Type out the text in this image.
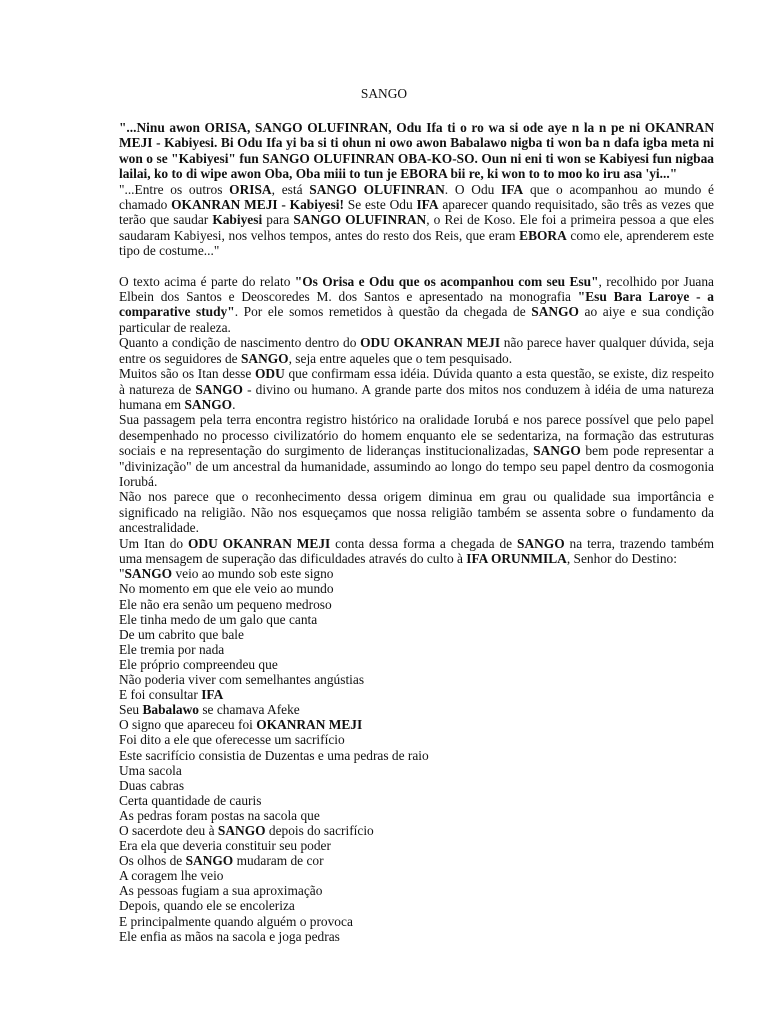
SANGO

"...Ninu awon ORISA, SANGO OLUFINRAN, Odu Ifa ti o ro wa si ode aye n la n pe ni OKANRAN MEJI - Kabiyesi. Bi Odu Ifa yi ba si ti ohun ni owo awon Babalawo nigba ti won ba n dafa igba meta ni won o se "Kabiyesi" fun SANGO OLUFINRAN OBA-KO-SO. Oun ni eni ti won se Kabiyesi fun nigbaa lailai, ko to di wipe awon Oba, Oba miii to tun je EBORA bii re, ki won to to moo ko iru asa 'yi..."

"...Entre os outros ORISA, está SANGO OLUFINRAN. O Odu IFA que o acompanhou ao mundo é chamado OKANRAN MEJI - Kabiyesi! Se este Odu IFA aparecer quando requisitado, são três as vezes que terão que saudar Kabiyesi para SANGO OLUFINRAN, o Rei de Koso. Ele foi a primeira pessoa a que eles saudaram Kabiyesi, nos velhos tempos, antes do resto dos Reis, que eram EBORA como ele, aprenderem este tipo de costume..."

O texto acima é parte do relato "Os Orisa e Odu que os acompanhou com seu Esu", recolhido por Juana Elbein dos Santos e Deoscoredes M. dos Santos e apresentado na monografia "Esu Bara Laroye - a comparative study". Por ele somos remetidos à questão da chegada de SANGO ao aiye e sua condição particular de realeza.

Quanto a condição de nascimento dentro do ODU OKANRAN MEJI não parece haver qualquer dúvida, seja entre os seguidores de SANGO, seja entre aqueles que o tem pesquisado.

Muitos são os Itan desse ODU que confirmam essa idéia. Dúvida quanto a esta questão, se existe, diz respeito à natureza de SANGO - divino ou humano. A grande parte dos mitos nos conduzem à idéia de uma natureza humana em SANGO.

Sua passagem pela terra encontra registro histórico na oralidade Iorubá e nos parece possível que pelo papel desempenhado no processo civilizatório do homem enquanto ele se sedentariza, na formação das estruturas sociais e na representação do surgimento de lideranças institucionalizadas, SANGO bem pode representar a "divinização" de um ancestral da humanidade, assumindo ao longo do tempo seu papel dentro da cosmogonia Iorubá.

Não nos parece que o reconhecimento dessa origem diminua em grau ou qualidade sua importância e significado na religião. Não nos esqueçamos que nossa religião também se assenta sobre o fundamento da ancestralidade.

Um Itan do ODU OKANRAN MEJI conta dessa forma a chegada de SANGO na terra, trazendo também uma mensagem de superação das dificuldades através do culto à IFA ORUNMILA, Senhor do Destino:

"SANGO veio ao mundo sob este signo

No momento em que ele veio ao mundo

Ele não era senão um pequeno medroso

Ele tinha medo de um galo que canta

De um cabrito que bale

Ele tremia por nada

Ele próprio compreendeu que

Não poderia viver com semelhantes angústias

E foi consultar IFA

Seu Babalawo se chamava Afeke

O signo que apareceu foi OKANRAN MEJI

Foi dito a ele que oferecesse um sacrifício

Este sacrifício consistia de Duzentas e uma pedras de raio

Uma sacola

Duas cabras

Certa quantidade de cauris

As pedras foram postas na sacola que

O sacerdote deu à SANGO depois do sacrifício

Era ela que deveria constituir seu poder

Os olhos de SANGO mudaram de cor

A coragem lhe veio

As pessoas fugiam a sua aproximação

Depois, quando ele se encoleriza

E principalmente quando alguém o provoca

Ele enfia as mãos na sacola e joga pedras
